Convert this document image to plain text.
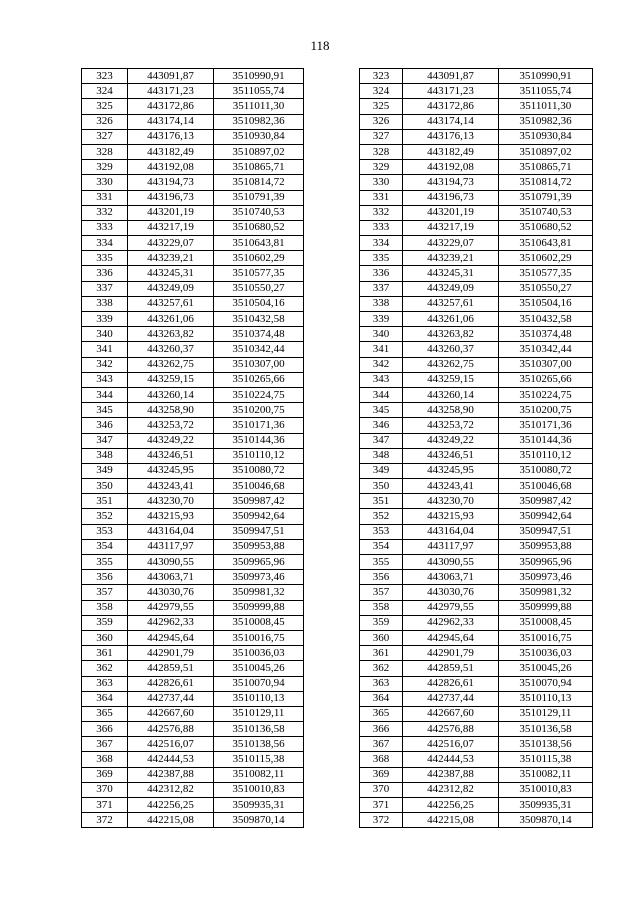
118
323	443091,87	3510990,91
324	443171,23	3511055,74
325	443172,86	3511011,30
326	443174,14	3510982,36
327	443176,13	3510930,84
328	443182,49	3510897,02
329	443192,08	3510865,71
330	443194,73	3510814,72
331	443196,73	3510791,39
332	443201,19	3510740,53
333	443217,19	3510680,52
334	443229,07	3510643,81
335	443239,21	3510602,29
336	443245,31	3510577,35
337	443249,09	3510550,27
338	443257,61	3510504,16
339	443261,06	3510432,58
340	443263,82	3510374,48
341	443260,37	3510342,44
342	443262,75	3510307,00
343	443259,15	3510265,66
344	443260,14	3510224,75
345	443258,90	3510200,75
346	443253,72	3510171,36
347	443249,22	3510144,36
348	443246,51	3510110,12
349	443245,95	3510080,72
350	443243,41	3510046,68
351	443230,70	3509987,42
352	443215,93	3509942,64
353	443164,04	3509947,51
354	443117,97	3509953,88
355	443090,55	3509965,96
356	443063,71	3509973,46
357	443030,76	3509981,32
358	442979,55	3509999,88
359	442962,33	3510008,45
360	442945,64	3510016,75
361	442901,79	3510036,03
362	442859,51	3510045,26
363	442826,61	3510070,94
364	442737,44	3510110,13
365	442667,60	3510129,11
366	442576,88	3510136,58
367	442516,07	3510138,56
368	442444,53	3510115,38
369	442387,88	3510082,11
370	442312,82	3510010,83
371	442256,25	3509935,31
372	442215,08	3509870,14
323	443091,87	3510990,91
324	443171,23	3511055,74
325	443172,86	3511011,30
326	443174,14	3510982,36
327	443176,13	3510930,84
328	443182,49	3510897,02
329	443192,08	3510865,71
330	443194,73	3510814,72
331	443196,73	3510791,39
332	443201,19	3510740,53
333	443217,19	3510680,52
334	443229,07	3510643,81
335	443239,21	3510602,29
336	443245,31	3510577,35
337	443249,09	3510550,27
338	443257,61	3510504,16
339	443261,06	3510432,58
340	443263,82	3510374,48
341	443260,37	3510342,44
342	443262,75	3510307,00
343	443259,15	3510265,66
344	443260,14	3510224,75
345	443258,90	3510200,75
346	443253,72	3510171,36
347	443249,22	3510144,36
348	443246,51	3510110,12
349	443245,95	3510080,72
350	443243,41	3510046,68
351	443230,70	3509987,42
352	443215,93	3509942,64
353	443164,04	3509947,51
354	443117,97	3509953,88
355	443090,55	3509965,96
356	443063,71	3509973,46
357	443030,76	3509981,32
358	442979,55	3509999,88
359	442962,33	3510008,45
360	442945,64	3510016,75
361	442901,79	3510036,03
362	442859,51	3510045,26
363	442826,61	3510070,94
364	442737,44	3510110,13
365	442667,60	3510129,11
366	442576,88	3510136,58
367	442516,07	3510138,56
368	442444,53	3510115,38
369	442387,88	3510082,11
370	442312,82	3510010,83
371	442256,25	3509935,31
372	442215,08	3509870,14
